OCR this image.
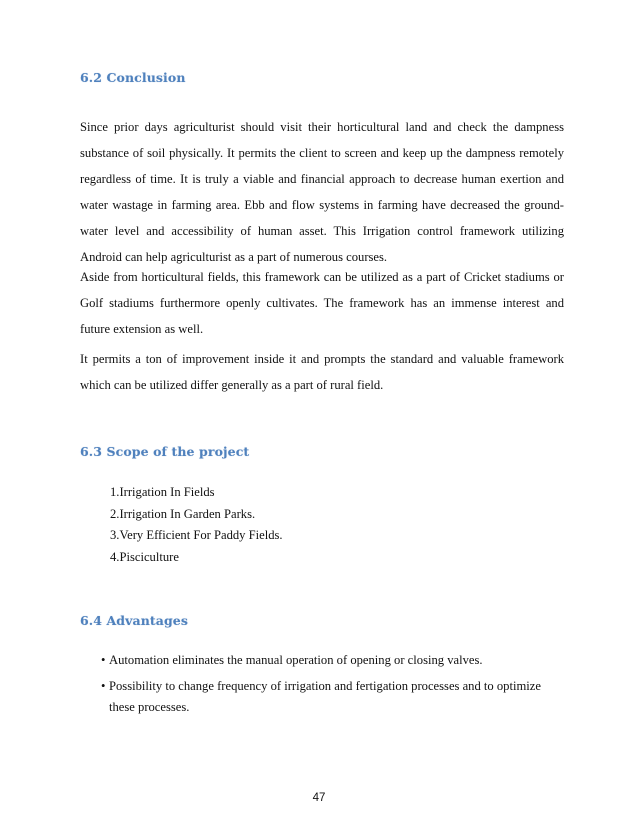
6.2 Conclusion

Since prior days agriculturist should visit their horticultural land and check the dampness substance of soil physically. It permits the client to screen and keep up the dampness remotely regardless of time. It is truly a viable and financial approach to decrease human exertion and water wastage in farming area. Ebb and flow systems in farming have decreased the ground-water level and accessibility of human asset. This Irrigation control framework utilizing Android can help agriculturist as a part of numerous courses.

Aside from horticultural fields, this framework can be utilized as a part of Cricket stadiums or Golf stadiums furthermore openly cultivates. The framework has an immense interest and future extension as well.

It permits a ton of improvement inside it and prompts the standard and valuable framework which can be utilized differ generally as a part of rural field.

6.3 Scope of the project
1.Irrigation In Fields
2.Irrigation In Garden Parks.
3.Very Efficient For Paddy Fields.
4.Pisciculture
6.4 Advantages
• Automation eliminates the manual operation of opening or closing valves.
• Possibility to change frequency of irrigation and fertigation processes and to optimize these processes.

47
